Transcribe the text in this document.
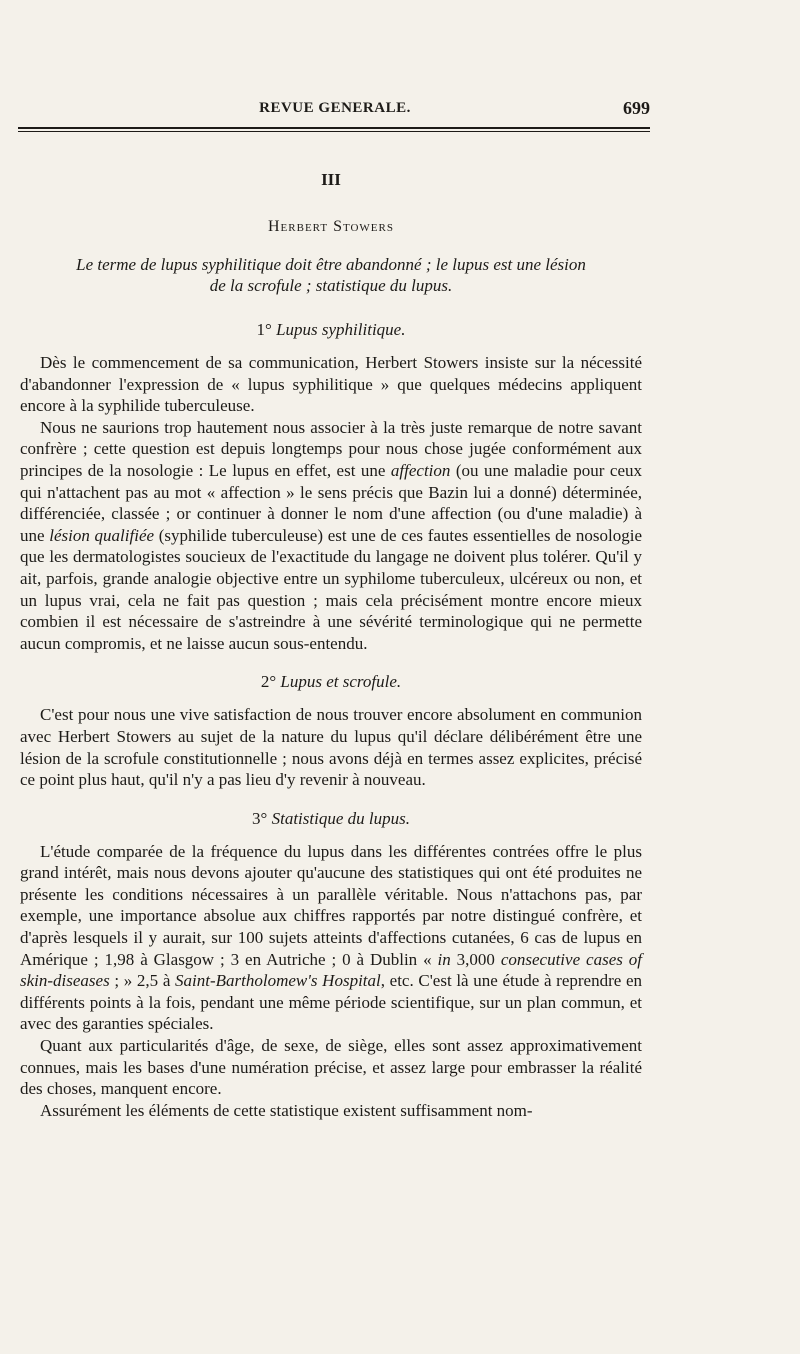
REVUE GENERALE.	699
III
Herbert Stowers
Le terme de lupus syphilitique doit être abandonné ; le lupus est une lésion
de la scrofule ; statistique du lupus.
1° Lupus syphilitique.

Dès le commencement de sa communication, Herbert Stowers insiste sur la nécessité d'abandonner l'expression de « lupus syphilitique » que quelques médecins appliquent encore à la syphilide tuberculeuse.

Nous ne saurions trop hautement nous associer à la très juste remarque de notre savant confrère ; cette question est depuis longtemps pour nous chose jugée conformément aux principes de la nosologie : Le lupus en effet, est une affection (ou une maladie pour ceux qui n'attachent pas au mot « affection » le sens précis que Bazin lui a donné) déterminée, différenciée, classée ; or continuer à donner le nom d'une affection (ou d'une maladie) à une lésion qualifiée (syphilide tuberculeuse) est une de ces fautes essentielles de nosologie que les dermatologistes soucieux de l'exactitude du langage ne doivent plus tolérer. Qu'il y ait, parfois, grande analogie objective entre un syphilome tuberculeux, ulcéreux ou non, et un lupus vrai, cela ne fait pas question ; mais cela précisément montre encore mieux combien il est nécessaire de s'astreindre à une sévérité terminologique qui ne permette aucun compromis, et ne laisse aucun sous-entendu.

2° Lupus et scrofule.

C'est pour nous une vive satisfaction de nous trouver encore absolument en communion avec Herbert Stowers au sujet de la nature du lupus qu'il déclare délibérément être une lésion de la scrofule constitutionnelle ; nous avons déjà en termes assez explicites, précisé ce point plus haut, qu'il n'y a pas lieu d'y revenir à nouveau.

3° Statistique du lupus.

L'étude comparée de la fréquence du lupus dans les différentes contrées offre le plus grand intérêt, mais nous devons ajouter qu'aucune des statistiques qui ont été produites ne présente les conditions nécessaires à un parallèle véritable. Nous n'attachons pas, par exemple, une importance absolue aux chiffres rapportés par notre distingué confrère, et d'après lesquels il y aurait, sur 100 sujets atteints d'affections cutanées, 6 cas de lupus en Amérique ; 1,98 à Glasgow ; 3 en Autriche ; 0 à Dublin « in 3,000 consecutive cases of skin-diseases ; » 2,5 à Saint-Bartholomew's Hospital, etc. C'est là une étude à reprendre en différents points à la fois, pendant une même période scientifique, sur un plan commun, et avec des garanties spéciales.

Quant aux particularités d'âge, de sexe, de siège, elles sont assez approximativement connues, mais les bases d'une numération précise, et assez large pour embrasser la réalité des choses, manquent encore.

Assurément les éléments de cette statistique existent suffisamment nom-
